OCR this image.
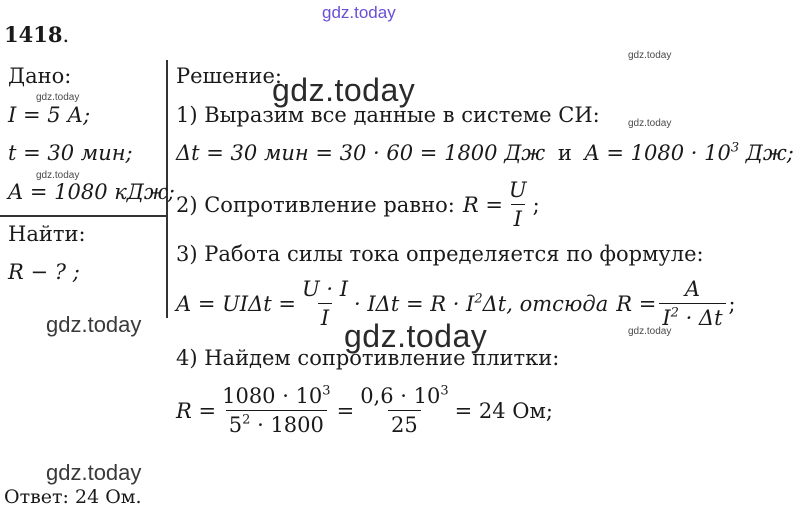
gdz.today
1418.
Дано:
gdz.today
I = 5 А;
t = 30 мин;
gdz.today
A = 1080 кДж;
Найти:
R − ? ;
gdz.today
Решение:
gdz.today
gdz.today
1) Выразим все данные в системе СИ:	gdz.today
Δt = 30 мин = 30 · 60 = 1800 Дж и $A = 1080 \cdot 10^3$ Дж;
2) Сопротивление равно: $R = \frac{U}{I}$ ;
3) Работа силы тока определяется по формуле:
$A = UI\Delta t = \frac{U \cdot I}{I} \cdot I\Delta t = R \cdot I^2\Delta t$, отсюда $R = \frac{A}{I^2 \cdot \Delta t}$ ;
gdz.today	gdz.today
4) Найдем сопротивление плитки:
$R = \frac{1080 \cdot 10^3}{5^2 \cdot 1800} = \frac{0,6 \cdot 10^3}{25} = 24$ Ом;
gdz.today
Ответ: 24 Ом.
